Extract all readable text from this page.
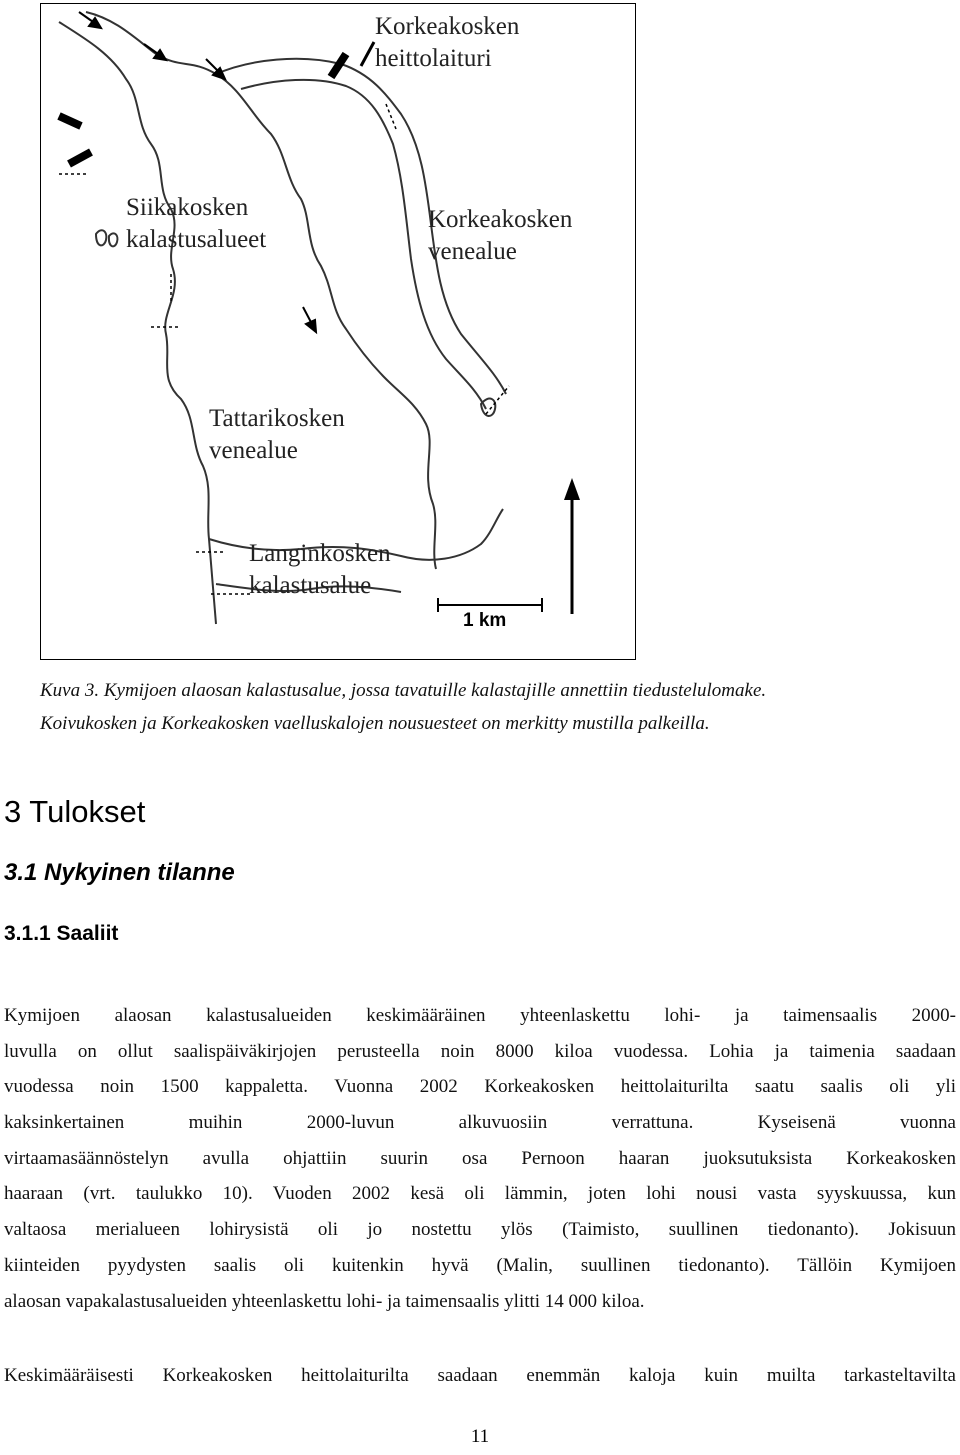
Korkeakosken
heittolaituri
Siikakosken
kalastusalueet
Korkeakosken
venealue
Tattarikosken
venealue
Langinkosken
kalastusalue
1 km
Kuva 3. Kymijoen alaosan kalastusalue, jossa tavatuille kalastajille annettiin tiedustelulomake.
Koivukosken ja Korkeakosken vaelluskalojen nousuesteet on merkitty mustilla palkeilla.
3 Tulokset
3.1 Nykyinen tilanne
3.1.1 Saaliit
Kymijoen alaosan kalastusalueiden keskimääräinen yhteenlaskettu lohi- ja taimensaalis 2000-
luvulla on ollut saalispäiväkirjojen perusteella noin 8000 kiloa vuodessa. Lohia ja taimenia saadaan
vuodessa noin 1500 kappaletta. Vuonna 2002 Korkeakosken heittolaiturilta saatu saalis oli yli
kaksinkertainen muihin 2000-luvun alkuvuosiin verrattuna. Kyseisenä vuonna
virtaamasäännöstelyn avulla ohjattiin suurin osa Pernoon haaran juoksutuksista Korkeakosken
haaraan (vrt. taulukko 10). Vuoden 2002 kesä oli lämmin, joten lohi nousi vasta syyskuussa, kun
valtaosa merialueen lohirysistä oli jo nostettu ylös (Taimisto, suullinen tiedonanto). Jokisuun
kiinteiden pyydysten saalis oli kuitenkin hyvä (Malin, suullinen tiedonanto). Tällöin Kymijoen
alaosan vapakalastusalueiden yhteenlaskettu lohi- ja taimensaalis ylitti 14 000 kiloa.
Keskimääräisesti Korkeakosken heittolaiturilta saadaan enemmän kaloja kuin muilta tarkasteltavilta
11
